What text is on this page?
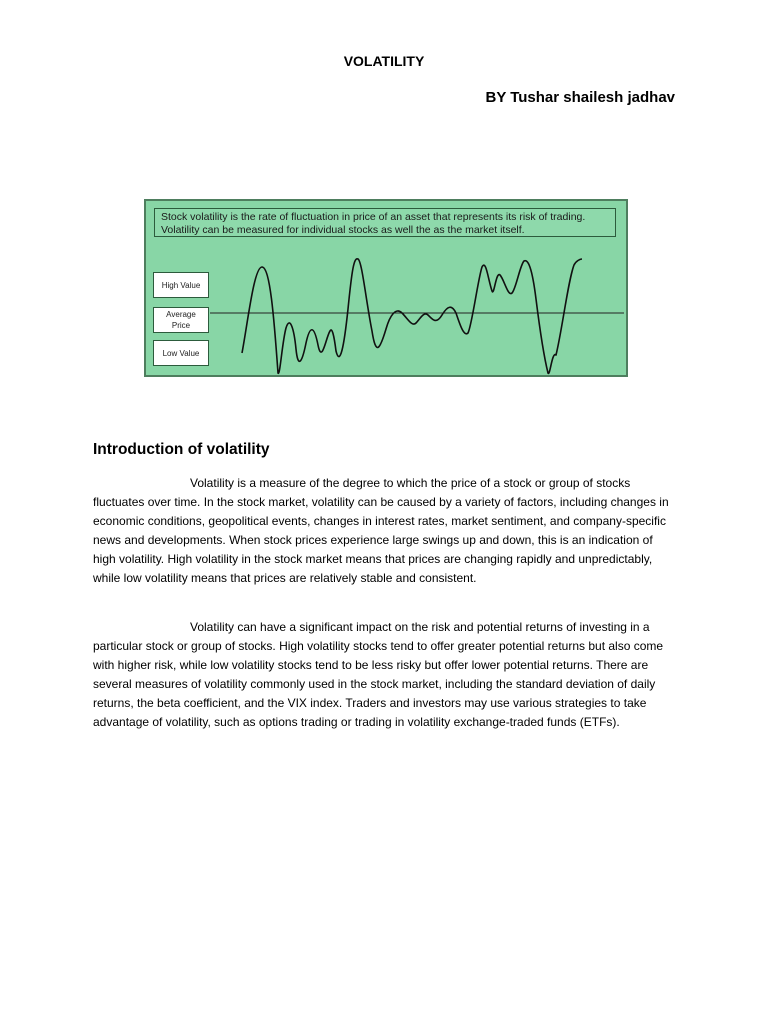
VOLATILITY
BY Tushar shailesh jadhav
Stock volatility is the rate of fluctuation in price of an asset that represents its risk of trading. Volatility can be measured for individual stocks as well the as the market itself.
High Value
Average Price
Low Value
Introduction of volatility

Volatility is a measure of the degree to which the price of a stock or group of stocks fluctuates over time. In the stock market, volatility can be caused by a variety of factors, including changes in economic conditions, geopolitical events, changes in interest rates, market sentiment, and company-specific news and developments. When stock prices experience large swings up and down, this is an indication of high volatility. High volatility in the stock market means that prices are changing rapidly and unpredictably, while low volatility means that prices are relatively stable and consistent.

Volatility can have a significant impact on the risk and potential returns of investing in a particular stock or group of stocks. High volatility stocks tend to offer greater potential returns but also come with higher risk, while low volatility stocks tend to be less risky but offer lower potential returns. There are several measures of volatility commonly used in the stock market, including the standard deviation of daily returns, the beta coefficient, and the VIX index. Traders and investors may use various strategies to take advantage of volatility, such as options trading or trading in volatility exchange-traded funds (ETFs).
